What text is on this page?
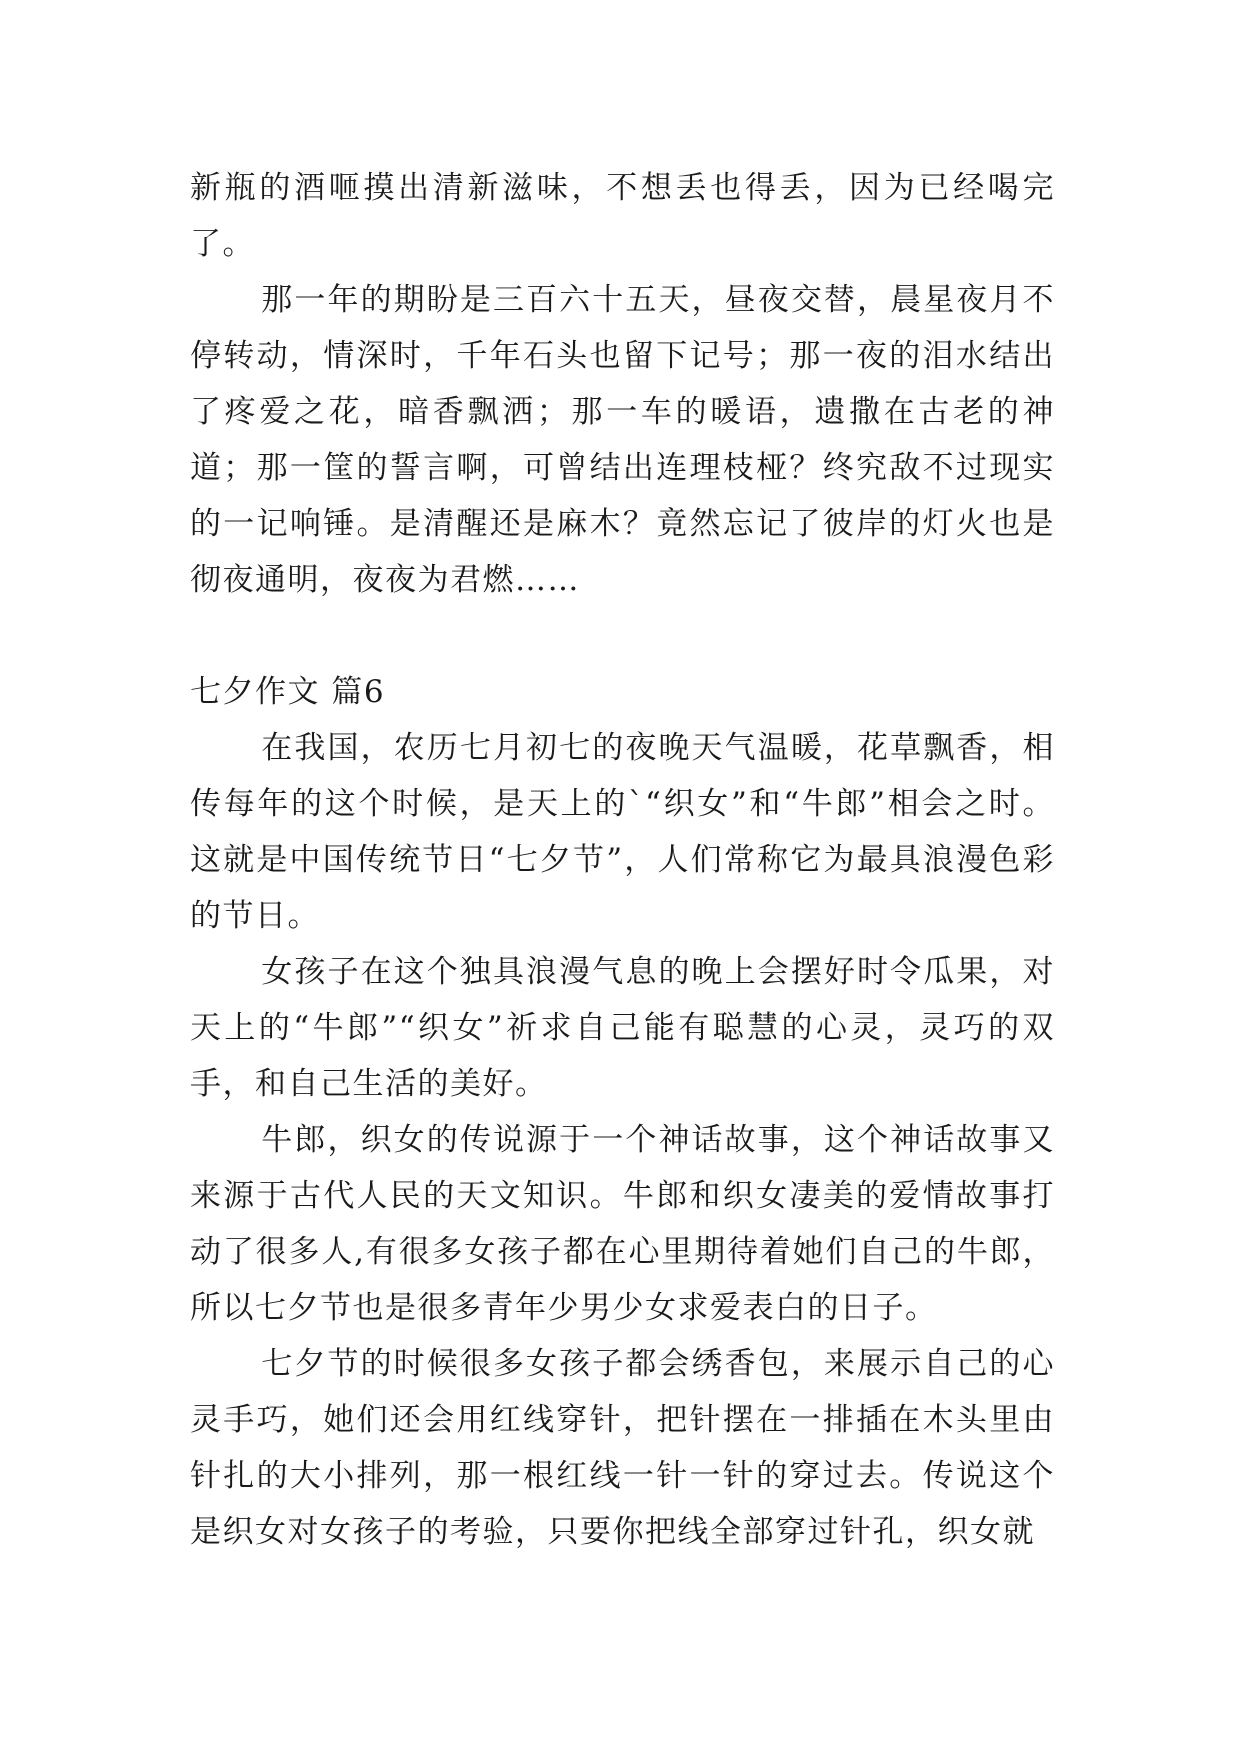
新瓶的酒咂摸出清新滋味，不想丢也得丢，因为已经喝完了。

那一年的期盼是三百六十五天，昼夜交替，晨星夜月不停转动，情深时，千年石头也留下记号；那一夜的泪水结出了疼爱之花，暗香飘洒；那一车的暖语，遗撒在古老的神道；那一筐的誓言啊，可曾结出连理枝桠？终究敌不过现实的一记响锤。是清醒还是麻木？竟然忘记了彼岸的灯火也是彻夜通明，夜夜为君燃……

七夕作文 篇6

在我国，农历七月初七的夜晚天气温暖，花草飘香，相传每年的这个时候，是天上的`“织女”和“牛郎”相会之时。这就是中国传统节日“七夕节”，人们常称它为最具浪漫色彩的节日。

女孩子在这个独具浪漫气息的晚上会摆好时令瓜果，对天上的“牛郎”“织女”祈求自己能有聪慧的心灵，灵巧的双手，和自己生活的美好。

牛郎，织女的传说源于一个神话故事，这个神话故事又来源于古代人民的天文知识。牛郎和织女凄美的爱情故事打动了很多人,有很多女孩子都在心里期待着她们自己的牛郎，所以七夕节也是很多青年少男少女求爱表白的日子。

七夕节的时候很多女孩子都会绣香包，来展示自己的心灵手巧，她们还会用红线穿针，把针摆在一排插在木头里由针扎的大小排列，那一根红线一针一针的穿过去。传说这个是织女对女孩子的考验，只要你把线全部穿过针孔，织女就
